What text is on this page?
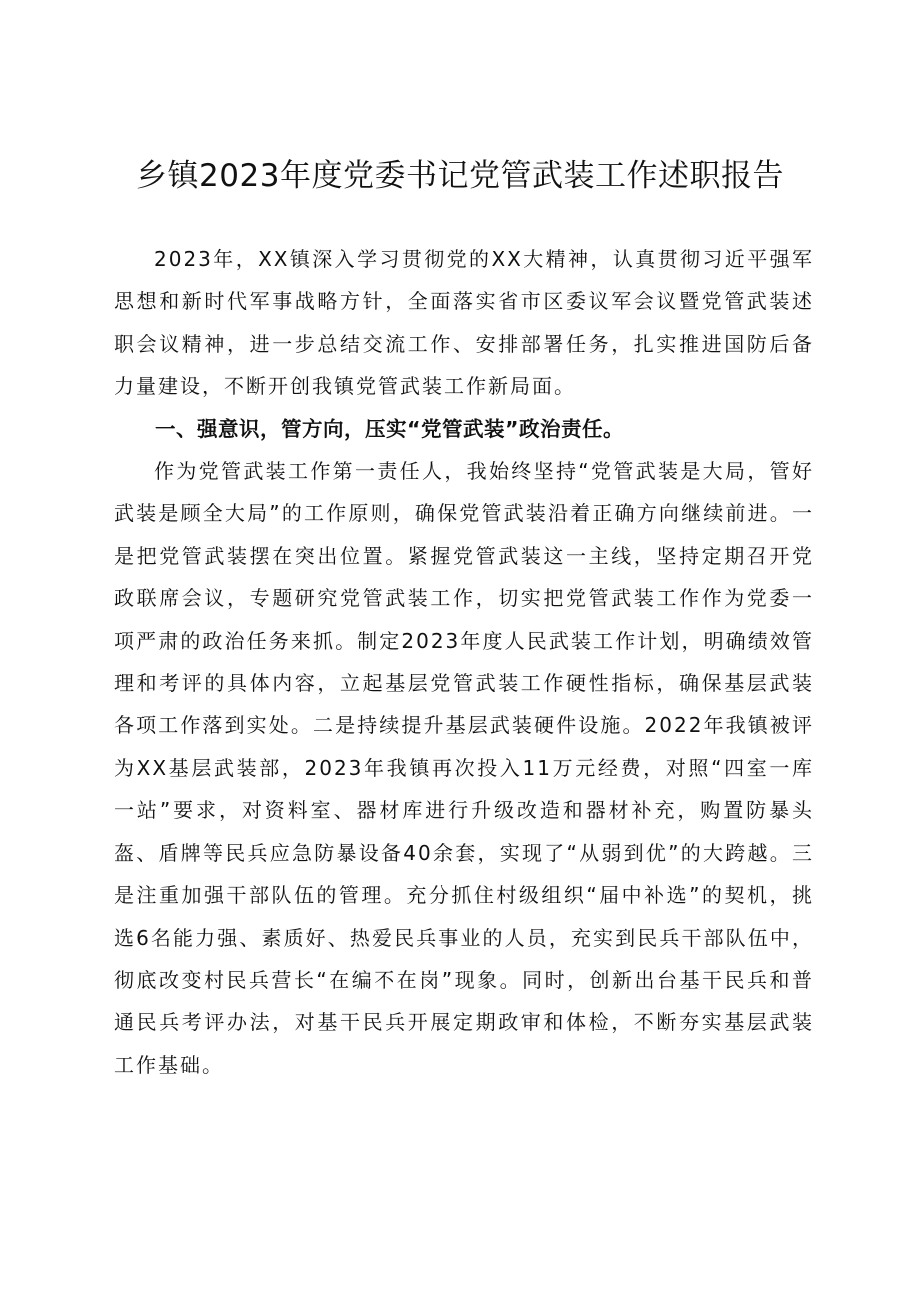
乡镇2023年度党委书记党管武装工作述职报告

2023年，XX镇深入学习贯彻党的XX大精神，认真贯彻习近平强军思想和新时代军事战略方针，全面落实省市区委议军会议暨党管武装述职会议精神，进一步总结交流工作、安排部署任务，扎实推进国防后备力量建设，不断开创我镇党管武装工作新局面。

一、强意识，管方向，压实“党管武装”政治责任。

作为党管武装工作第一责任人，我始终坚持“党管武装是大局，管好武装是顾全大局”的工作原则，确保党管武装沿着正确方向继续前进。一是把党管武装摆在突出位置。紧握党管武装这一主线，坚持定期召开党政联席会议，专题研究党管武装工作，切实把党管武装工作作为党委一项严肃的政治任务来抓。制定2023年度人民武装工作计划，明确绩效管理和考评的具体内容，立起基层党管武装工作硬性指标，确保基层武装各项工作落到实处。二是持续提升基层武装硬件设施。2022年我镇被评为XX基层武装部，2023年我镇再次投入11万元经费，对照“四室一库一站”要求，对资料室、器材库进行升级改造和器材补充，购置防暴头盔、盾牌等民兵应急防暴设备40余套，实现了“从弱到优”的大跨越。三是注重加强干部队伍的管理。充分抓住村级组织“届中补选”的契机，挑选6名能力强、素质好、热爱民兵事业的人员，充实到民兵干部队伍中，彻底改变村民兵营长“在编不在岗”现象。同时，创新出台基干民兵和普通民兵考评办法，对基干民兵开展定期政审和体检，不断夯实基层武装工作基础。
